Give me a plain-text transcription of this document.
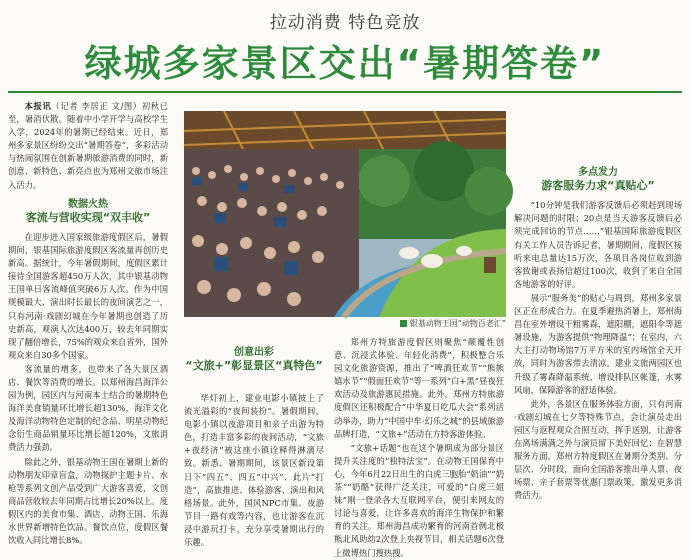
拉动消费 特色竞放
绿城多家景区交出“暑期答卷”

本报讯（记者 李居正 文/图）初秋已至，暑消伏散。随着中小学开学与高校学生入学，2024年的暑期已经结束。近日，郑州多家景区纷纷交出“暑期答卷”，多彩活动与热闹氛围在创新暑期旅游消费的同时，新创意、新特色、新亮点也为郑州文旅市场注入活力。

数据火热
客流与营收实现“双丰收”

在迎步进入国家级旅游度假区后，暑假期间，银基国际旅游度假区客流量再创历史新高。据统计，今年暑假期间，度假区累计接待全国游客超450万人次，其中银基动物王国单日客流峰值突破6万人次。作为中国规模最大、演出时长最长的夜间演艺之一，只有河南·戏剧幻城在今年暑期也创造了历史新高，观演人次达400万，较去年同期实现了翻倍增长，75%的观众来自省外，国外观众来自30多个国家。

客流量的增多，也带来了各大景区酒店、餐饮等消费的增长。以郑州海昌海洋公园为例，园区内与河南本土结合的暑期特色海洋美食销量环比增长超130%，海洋文化及海洋动物特色定制的纪念品、明星动物纪念衍生商品销量环比增长超120%，文旅消费活力强劲。

除此之外，银基动物王国在暑期上新的动物朋友印章盲盒，动物探护主题卡片、水枪等系列文创产品受到广大游客喜爱，文创商品营收较去年同期占比增长20%以上。度假区内的美食市集、酒店、动物王国、乐海水世界新增特色饮品、餐饮点位，度假区餐饮收入同比增长8%。

银基动物王国“动物百老汇”
创意出彩
“文旅+”彰显景区“真特色”

华灯初上，建业电影小镇披上了流光溢彩的“夜间装扮”。暑假期间，电影小镇以夜游项目和亲子出游为特色，打造丰富多彩的夜间活动，“文旅+夜经济”被这座小镇诠释得淋漓尽致。新悉、暑期期间，该景区新设第日下“四五”、四五“中兴”、此片“打造”，高旅推进、体验游客、演出和风格场景。此外，国风NPC市集、夜游节目一路有戏等内容，也让游客在沉浸中游玩打卡，充分享受暑期出行的乐趣。

郑州方特旅游度假区则聚焦“颠覆性创意、沉浸式体验、年轻化消费”，积极整合乐园文化旅游资源，推出了“啤酒狂欢节”“熊熊嬉水节”“假面狂欢节”等一系列“白+黑”昼夜狂欢活动及旅游惠民措施。此外，郑州方特旅游度假区还积极配合“中华夏日吃瓜大会”系列活动举办，助力“中国中牟·幻乐之城”的县域旅游品牌打造，“文旅+”活动在方特客游体验。

“文旅+话题”也在这个暑期成为部分景区提升关注度的“独特法宝”。在动物王国保育中心，今年6月22日出生的白虎三胞胎“奶油”“奶茶”“奶酪”获得广泛关注，可爱的“白虎三姐妹”刚一登录各大互联网平台，便引来网友的讨论与喜爱，让许多喜欢的海洋生物保护和繁育的关注。郑州海昌成功繁育的河南首例北极熊北风助幼2次登上央视节目，相关话题6次登上微博热门搜热搜。

多点发力
游客服务力求“真贴心”

“10分钟是我们游客反馈后必须赶到现场解决问题的时限；20点是当天游客反馈后必须完成回访的节点……”银基国际旅游度假区有关工作人员告诉记者，暑期期间，度假区接听来电总量达15万次，各项目各岗位收到游客致谢或表扬信超过100次，收到了来自全国各地游客的好评。

展示“服务美”的贴心与周到，郑州多家景区正在形成合力。在夏季避热消暑上，郑州海昌在室外增设干粗雾森，遮阳棚，遮阳伞等遮暑设施，为游客提供“物理降温”；在室内，六大主打动物场馆7万平方米的室内场馆全天开放，同时为游客带去清凉。建业文旅两园区也升级了雾森降温系统、增设排队区帐篷，水雾风扇，保障游客的舒适体验。

此外，各景区在服务体验方面，只有河南·戏剧幻城在七夕等特殊节点，会让演员走出园区与返程观众合照互动，挥手送别，让游客在离场满满之外与演员留下美好回忆；在智慧服务方面，郑州方特度假区在暑期分类别、分层次、分时段，面向全国游客推出单人票、夜场票、亲子套票等优惠门票政策，激发更多消费活力。
